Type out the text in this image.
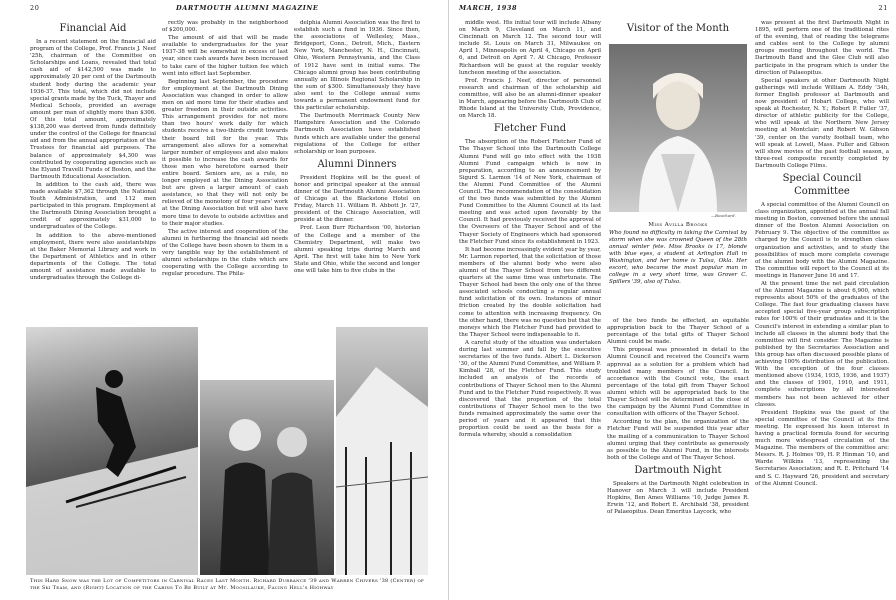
20	DARTMOUTH ALUMNI MAGAZINE
Financial Aid

In a recent statement on the financial aid program of the College, Prof. Francis J. Neef '25h, chairman of the Committee on Scholarships and Loans, revealed that total cash aid of $142,500 was made to approximately 20 per cent of the Dartmouth student body during the academic year 1936-37. This total, which did not include special grants made by the Tuck, Thayer and Medical Schools, provided an average amount per man of slightly more than $306. Of this total amount, approximately $138,200 was derived from funds definitely under the control of the College for financial aid and from the annual appropriation of the Trustees for financial aid purposes. The balance of approximately $4,300 was contributed by cooperating agencies such as the Elyand Travelli Funds of Boston, and the Dartmouth Educational Association.

In addition to the cash aid, there was made available $7,362 through the National Youth Administration, and 112 men participated in this program. Employment at the Dartmouth Dining Association brought a credit of approximately $31,000 to undergraduates of the College.

In addition to the above-mentioned employment, there were also assistantships at the Baker Memorial Library and work in the Department of Athletics and in other departments of the College. The total amount of assistance made available to undergraduates through the College di-

rectly was probably in the neighborhood of $200,000.

The amount of aid that will be made available to undergraduates for the year 1937-38 will be somewhat in excess of last year, since cash awards have been increased to take care of the higher tuition fee which went into effect last September.

Beginning last September, the procedure for employment at the Dartmouth Dining Association was changed in order to allow men on aid more time for their studies and greater freedom in their outside activities. This arrangement provides for not more than two hours' work daily for which students receive a two-thirds credit towards their board bill for the year. This arrangement also allows for a somewhat larger number of employees and also makes it possible to increase the cash awards for those men who heretofore earned their entire board. Seniors are, as a rule, no longer employed at the Dining Association but are given a larger amount of cash assistance, so that they will not only be relieved of the monotony of four years' work at the Dining Association but will also have more time to devote to outside activities and to their major studies.

The active interest and cooperation of the alumni in furthering the financial aid needs of the College have been shown to them in a very tangible way by the establishment of alumni scholarships in the clubs which are cooperating with the College according to regular procedure. The Phila-

delphia Alumni Association was the first to establish such a fund in 1936. Since then, the associations of Wellesley, Mass., Bridgeport, Conn., Detroit, Mich., Eastern New York, Manchester, N. H., Cincinnati, Ohio, Western Pennsylvania, and the Class of 1912 have sent in initial sums. The Chicago alumni group has been contributing annually an Illinois Regional Scholarship in the sum of $300. Simultaneously they have also sent to the College annual sums towards a permanent endowment fund for this particular scholarship.

The Dartmouth Merrimack County New Hampshire Association and the Colorado Dartmouth Association have established funds which are available under the general regulations of the College for either scholarship or loan purposes.

Alumni Dinners

President Hopkins will be the guest of honor and principal speaker at the annual dinner of the Dartmouth Alumni Association of Chicago at the Blackstone Hotel on Friday, March 11. William R. Abbott Jr. '27, president of the Chicago Association, will preside at the dinner.

Prof. Leon Burr Richardson '00, historian of the College and a member of the Chemistry Department, will make two alumni speaking trips during March and April. The first will take him to New York State and Ohio, while the second and longer one will take him to five clubs in the

Thin Hard Snow was the Lot of Competitors in Carnival Races Last Month. Richard Durrance '39 and Warren Chivers '38 (Center) of the Ski Team, and (Right) Location of the Cabins To Be Built at Mt. Moosilauke, Facing Hell's Highway
MARCH, 1938	21

middle west. His initial tour will include Albany on March 9, Cleveland on March 11, and Cincinnati on March 12. The second tour will include St. Louis on March 31, Milwaukee on April 1, Minneapolis on April 4, Chicago on April 6, and Detroit on April 7. At Chicago, Professor Richardson will be guest at the regular weekly luncheon meeting of the association.

Prof. Francis J. Neef, director of personnel research and chairman of the scholarship aid committee, will also be an alumni-dinner speaker in March, appearing before the Dartmouth Club of Rhode Island at the University Club, Providence, on March 18.

Fletcher Fund

The absorption of the Robert Fletcher Fund of The Thayer School into the Dartmouth College Alumni Fund will go into effect with the 1938 Alumni Fund campaign which is now in preparation, according to an announcement by Sigurd S. Larmon '14 of New York, chairman of the Alumni Fund Committee of the Alumni Council. The recommendation of the consolidation of the two funds was submitted by the Alumni Fund Committee to the Alumni Council at its last meeting and was acted upon favorably by the Council. It had previously received the approval of the Overseers of the Thayer School and of the Thayer Society of Engineers which had sponsored the Fletcher Fund since its establishment in 1923.

It had become increasingly evident year by year, Mr. Larmon reported, that the solicitation of those members of the alumni body who were also alumni of the Thayer School from two different quarters at the same time was unfortunate. The Thayer School had been the only one of the three associated schools conducting a regular annual fund solicitation of its own. Instances of minor friction created by the double solicitation had come to attention with increasing frequency. On the other hand, there was no question but that the moneys which the Fletcher Fund had provided to the Thayer School were indispensable to it.

A careful study of the situation was undertaken during last summer and fall by the executive secretaries of the two funds. Albert L. Dickerson '30, of the Alumni Fund Committee, and William P. Kimball '28, of the Fletcher Fund. This study included an analysis of the records of contributions of Thayer School men to the Alumni Fund and to the Fletcher Fund respectively. It was discovered that the proportion of the total contributions of Thayer School men to the two funds remained approximately the same over the period of years and it appeared that this proportion could be used as the basis for a formula whereby, should a consolidation

Visitor of the Month
—Bouchard.
Miss Avilla Brooks
Who found no difficulty in taking the Carnival by storm when she was crowned Queen of the 28th annual winter fete. Miss Brooks is 17, blonde with blue eyes, a student at Arlington Hall in Washington, and her home is Tulsa, Okla. Her escort, who became the most popular man in college in a very short time, was Grover C. Spillers '39, also of Tulsa.

of the two funds be effected, an equitable appropriation back to the Thayer School of a percentage of the total gifts of Thayer School Alumni could be made.

This proposal was presented in detail to the Alumni Council and received the Council's warm approval as a solution for a problem which had troubled many members of the Council. In accordance with the Council vote, the exact percentage of the total gift from Thayer School alumni which will be appropriated back to the Thayer School will be determined at the close of the campaign by the Alumni Fund Committee in consultation with officers of the Thayer School.

According to the plan, the organization of the Fletcher Fund will be suspended this year after the mailing of a communication to Thayer School alumni urging that they contribute as generously as possible to the Alumni Fund, in the interests both of the College and of The Thayer School.

Dartmouth Night

Speakers at the Dartmouth Night celebration in Hanover on March 3 will include President Hopkins, Ben Ames Williams '10, Judge James R. Erwin '12, and Robert E. Archibald '38, president of Palaeopitus. Dean Emeritus Laycock, who

was present at the first Dartmouth Night in 1895, will perform one of the traditional rites of the evening, that of reading the telegrams and cables sent to the College by alumni groups meeting throughout the world. The Dartmouth Band and the Glee Club will also participate in the program which is under the direction of Palaeopitus.

Special speakers at other Dartmouth Night gatherings will include William A. Eddy '34h, former English professor at Dartmouth and now president of Hobart College, who will speak at Rochester, N. Y.; Robert P. Fuller '37, director of athletic publicity for the College, who will speak at the Northern New Jersey meeting at Montclair; and Robert W. Gibson '39, center on the varsity football team, who will speak at Lowell, Mass. Fuller and Gibson will show movies of the past football season, a three-reel composite recently completed by Dartmouth College Films.

Special Council Committee

A special committee of the Alumni Council on class organization, appointed at the annual fall meeting in Boston, convened before the annual dinner of the Boston Alumni Association on February 9. The objective of the committee as charged by the Council is to strengthen class organization and activities, and to study the possibilities of much more complete coverage of the alumni body with the Alumni Magazine. The committee will report to the Council at its meetings in Hanover June 16 and 17.

At the present time the net paid circulation of the Alumni Magazine is about 6,900, which represents about 50% of the graduates of the College. The fast four graduating classes have accepted special five-year group subscription rates for 100% of their graduates and it is the Council's interest in extending a similar plan to include all classes in the alumni body that the committee will first consider. The Magazine is published by the Secretaries Association and this group has often discussed possible plans of achieving 100% distribution of the publication. With the exception of the four classes mentioned above (1934, 1935, 1936, and 1937) and the classes of 1901, 1910, and 1911, complete subscriptions by all interested members has not been achieved for other classes.

President Hopkins was the guest of the special committee of the Council at its first meeting. He expressed his keen interest in having a practical formula found for securing much more widespread circulation of the Magazine. The members of the committee are: Messrs. R. J. Holmes '09, H. P. Hinman '10, and Warde Wilkins '13, representing the Secretaries Association; and R. E. Pritchard '14 and S. C. Hayward '26, president and secretary of the Alumni Council.
